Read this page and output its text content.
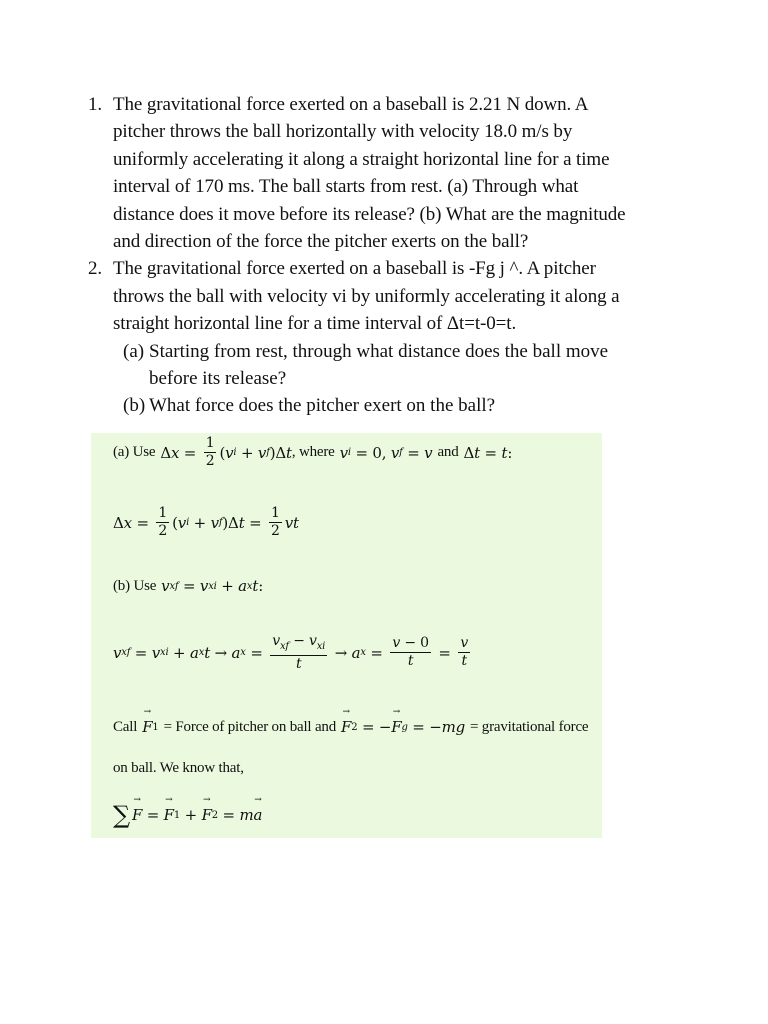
1. The gravitational force exerted on a baseball is 2.21 N down. A
pitcher throws the ball horizontally with velocity 18.0 m/s by
uniformly accelerating it along a straight horizontal line for a time
interval of 170 ms. The ball starts from rest. (a) Through what
distance does it move before its release? (b) What are the magnitude
and direction of the force the pitcher exerts on the ball?
2. The gravitational force exerted on a baseball is -Fg j ^. A pitcher
throws the ball with velocity vi by uniformly accelerating it along a
straight horizontal line for a time interval of Δt=t-0=t.
(a) Starting from rest, through what distance does the ball move
before its release?
(b) What force does the pitcher exert on the ball?
(a) Use Δ $x = \frac{1}{2}$ ( v i + v f )Δ t , where v i = 0, v f = v and Δ t = t :
Δ $x = \frac{1}{2}$ ( v i + v f )Δ $t = \frac{1}{2}$ vt
(b) Use v xf = v xi + a x t :
v xf = v xi + a x t → a $x = \frac{v_{xf} - v_{xi}}{t} \to a$ $x = \frac{v - 0}{t} = \frac{v}{t}$
Call → F 1 = Force of pitcher on ball and → F 2 = − → F g = − mg = gravitational force
on ball. We know that,
∑ → F = → F 1 + → F 2 = m → a
